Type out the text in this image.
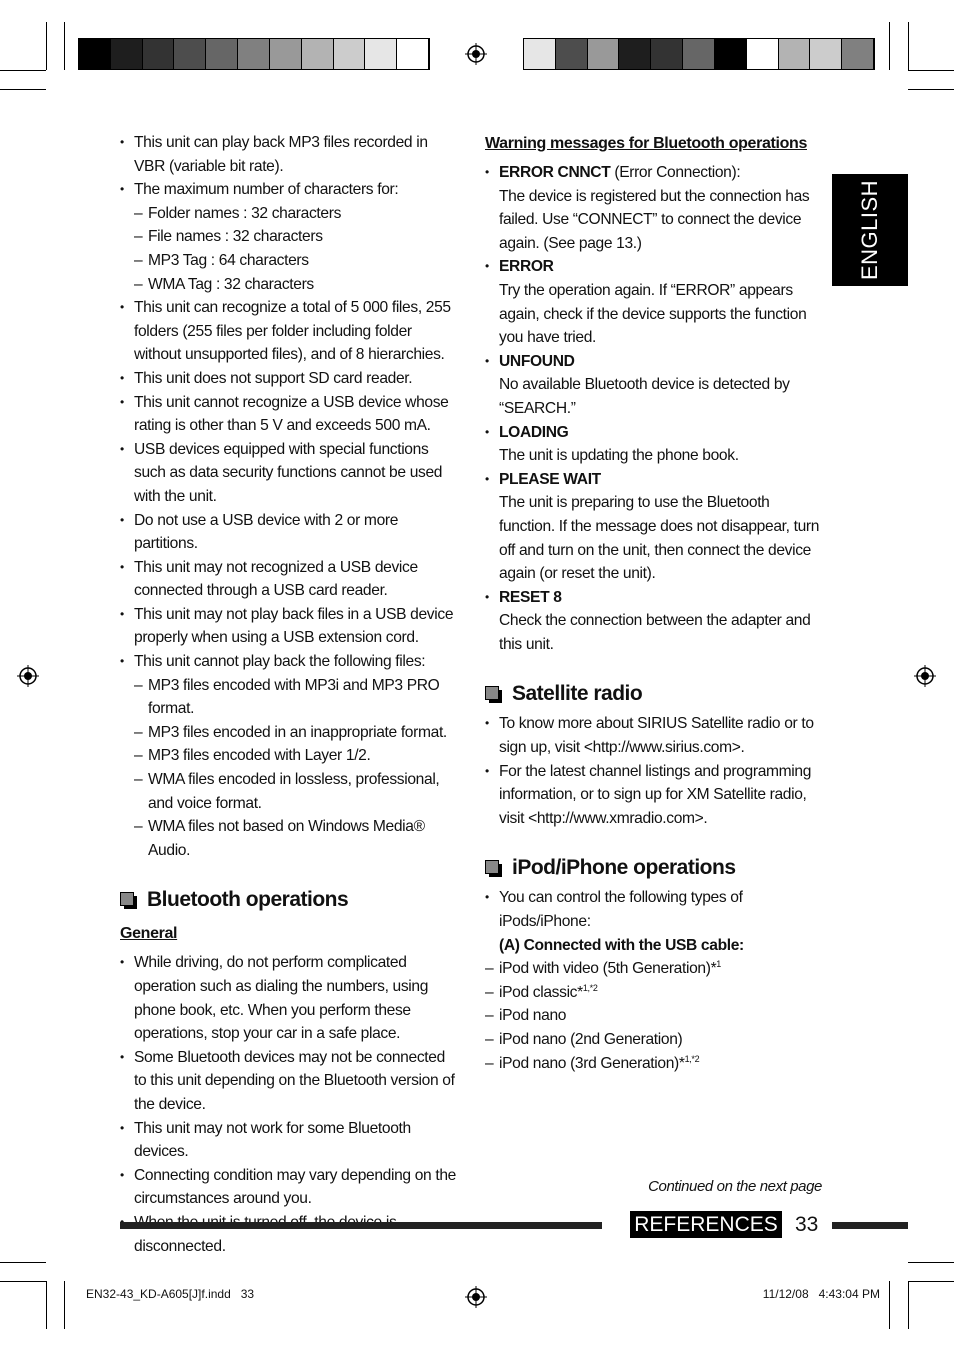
ENGLISH
• This unit can play back MP3 files recorded in VBR (variable bit rate).
• The maximum number of characters for:
– Folder names : 32 characters
– File names : 32 characters
– MP3 Tag : 64 characters
– WMA Tag : 32 characters
• This unit can recognize a total of 5 000 files, 255 folders (255 files per folder including folder without unsupported files), and of 8 hierarchies.
• This unit does not support SD card reader.
• This unit cannot recognize a USB device whose rating is other than 5 V and exceeds 500 mA.
• USB devices equipped with special functions such as data security functions cannot be used with the unit.
• Do not use a USB device with 2 or more partitions.
• This unit may not recognized a USB device connected through a USB card reader.
• This unit may not play back files in a USB device properly when using a USB extension cord.
• This unit cannot play back the following files:
– MP3 files encoded with MP3i and MP3 PRO format.
– MP3 files encoded in an inappropriate format.
– MP3 files encoded with Layer 1/2.
– WMA files encoded in lossless, professional, and voice format.
– WMA files not based on Windows Media® Audio.
Bluetooth operations
General
• While driving, do not perform complicated operation such as dialing the numbers, using phone book, etc. When you perform these operations, stop your car in a safe place.
• Some Bluetooth devices may not be connected to this unit depending on the Bluetooth version of the device.
• This unit may not work for some Bluetooth devices.
• Connecting condition may vary depending on the circumstances around you.
• disconnected.
Warning messages for Bluetooth operations
• ERROR CNNCT (Error Connection):
The device is registered but the connection has failed. Use “CONNECT” to connect the device again. (See page 13.)
• ERROR
Try the operation again. If “ERROR” appears again, check if the device supports the function you have tried.
• UNFOUND
No available Bluetooth device is detected by “SEARCH.”
• LOADING
The unit is updating the phone book.
• PLEASE WAIT
The unit is preparing to use the Bluetooth function. If the message does not disappear, turn off and turn on the unit, then connect the device again (or reset the unit).
• RESET 8
Check the connection between the adapter and this unit.
Satellite radio
• To know more about SIRIUS Satellite radio or to sign up, visit <http://www.sirius.com>.
• For the latest channel listings and programming information, or to sign up for XM Satellite radio, visit <http://www.xmradio.com>.
iPod/iPhone operations
• You can control the following types of iPods/iPhone:
(A) Connected with the USB cable:
– iPod with video (5th Generation)*$^1$
– iPod classic*$^{1,*2}$
– iPod nano
– iPod nano (2nd Generation)
– iPod nano (3rd Generation)*$^{1,*2}$
Continued on the next page
REFERENCES 33
EN32-43_KD-A605[J]f.indd   33	11/12/08   4:43:04 PM
